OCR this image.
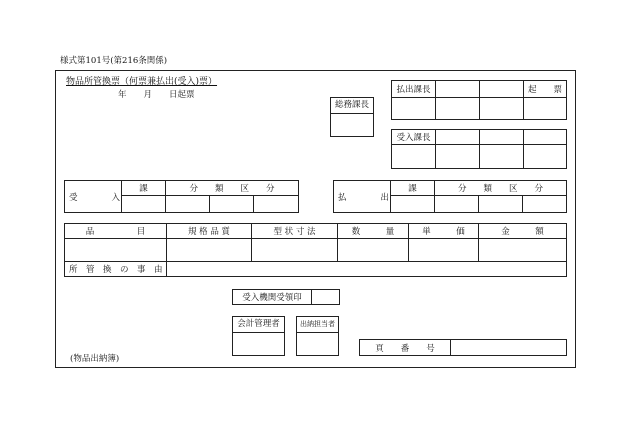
様式第101号(第216条関係)
物品所管換票（何票兼払出(受入)票）
年　　月　　日起票
総務課長
払出課長			起　　票

受入課長			

受　　　　入	課	分　　類　　区　　分		

払　　　　出	課	分　　類　　区　　分		

品　　　　　目	規 格 品 質	型 状 寸 法	数　　　量	単　　　価	金　　　額

所　管　換　の　事　由					
受入機関受領印	
会計管理者	出納担当者
頁　　番　　号	
(物品出納簿)
